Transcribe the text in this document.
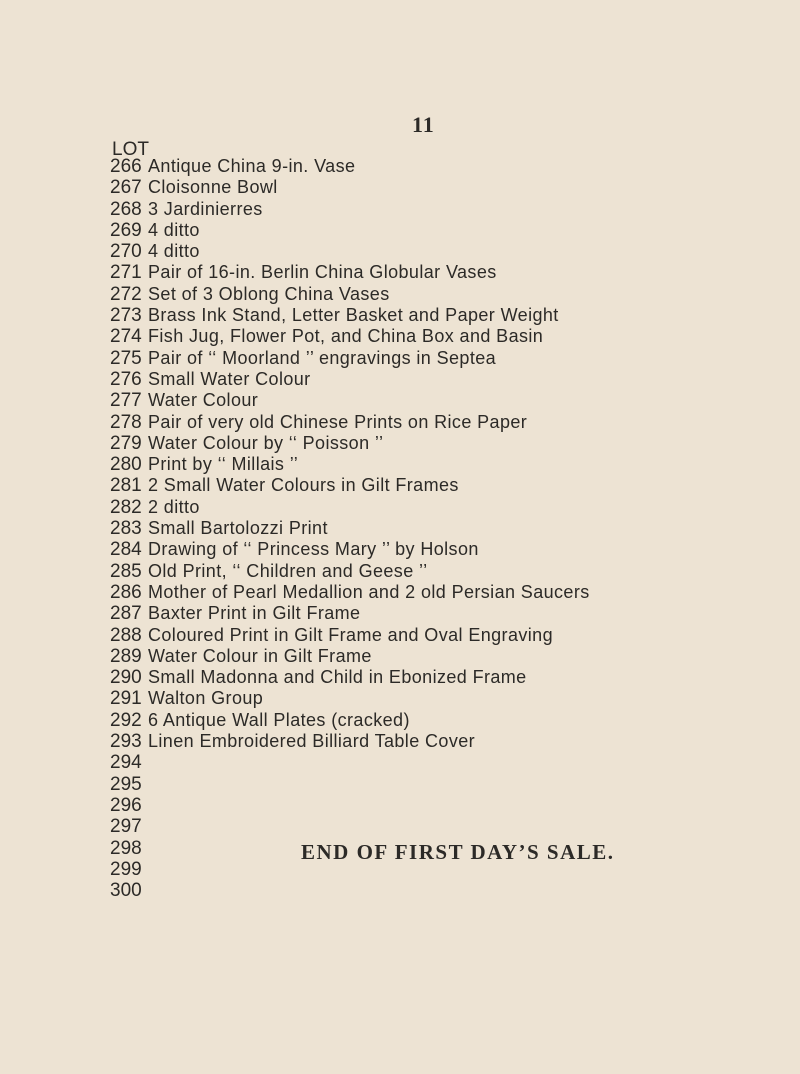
11
LOT
266 Antique China 9-in. Vase
267 Cloisonne Bowl
268 3 Jardinierres
269 4 ditto
270 4 ditto
271 Pair of 16-in. Berlin China Globular Vases
272 Set of 3 Oblong China Vases
273 Brass Ink Stand, Letter Basket and Paper Weight
274 Fish Jug, Flower Pot, and China Box and Basin
275 Pair of ‘‘ Moorland ’’ engravings in Septea
276 Small Water Colour
277 Water Colour
278 Pair of very old Chinese Prints on Rice Paper
279 Water Colour by ‘‘ Poisson ’’
280 Print by ‘‘ Millais ’’
281 2 Small Water Colours in Gilt Frames
282 2 ditto
283 Small Bartolozzi Print
284 Drawing of ‘‘ Princess Mary ’’ by Holson
285 Old Print, ‘‘ Children and Geese ’’
286 Mother of Pearl Medallion and 2 old Persian Saucers
287 Baxter Print in Gilt Frame
288 Coloured Print in Gilt Frame and Oval Engraving
289 Water Colour in Gilt Frame
290 Small Madonna and Child in Ebonized Frame
291 Walton Group
292 6 Antique Wall Plates (cracked)
293 Linen Embroidered Billiard Table Cover
294
295
296
297
298
299
300
END OF FIRST DAY’S SALE.
